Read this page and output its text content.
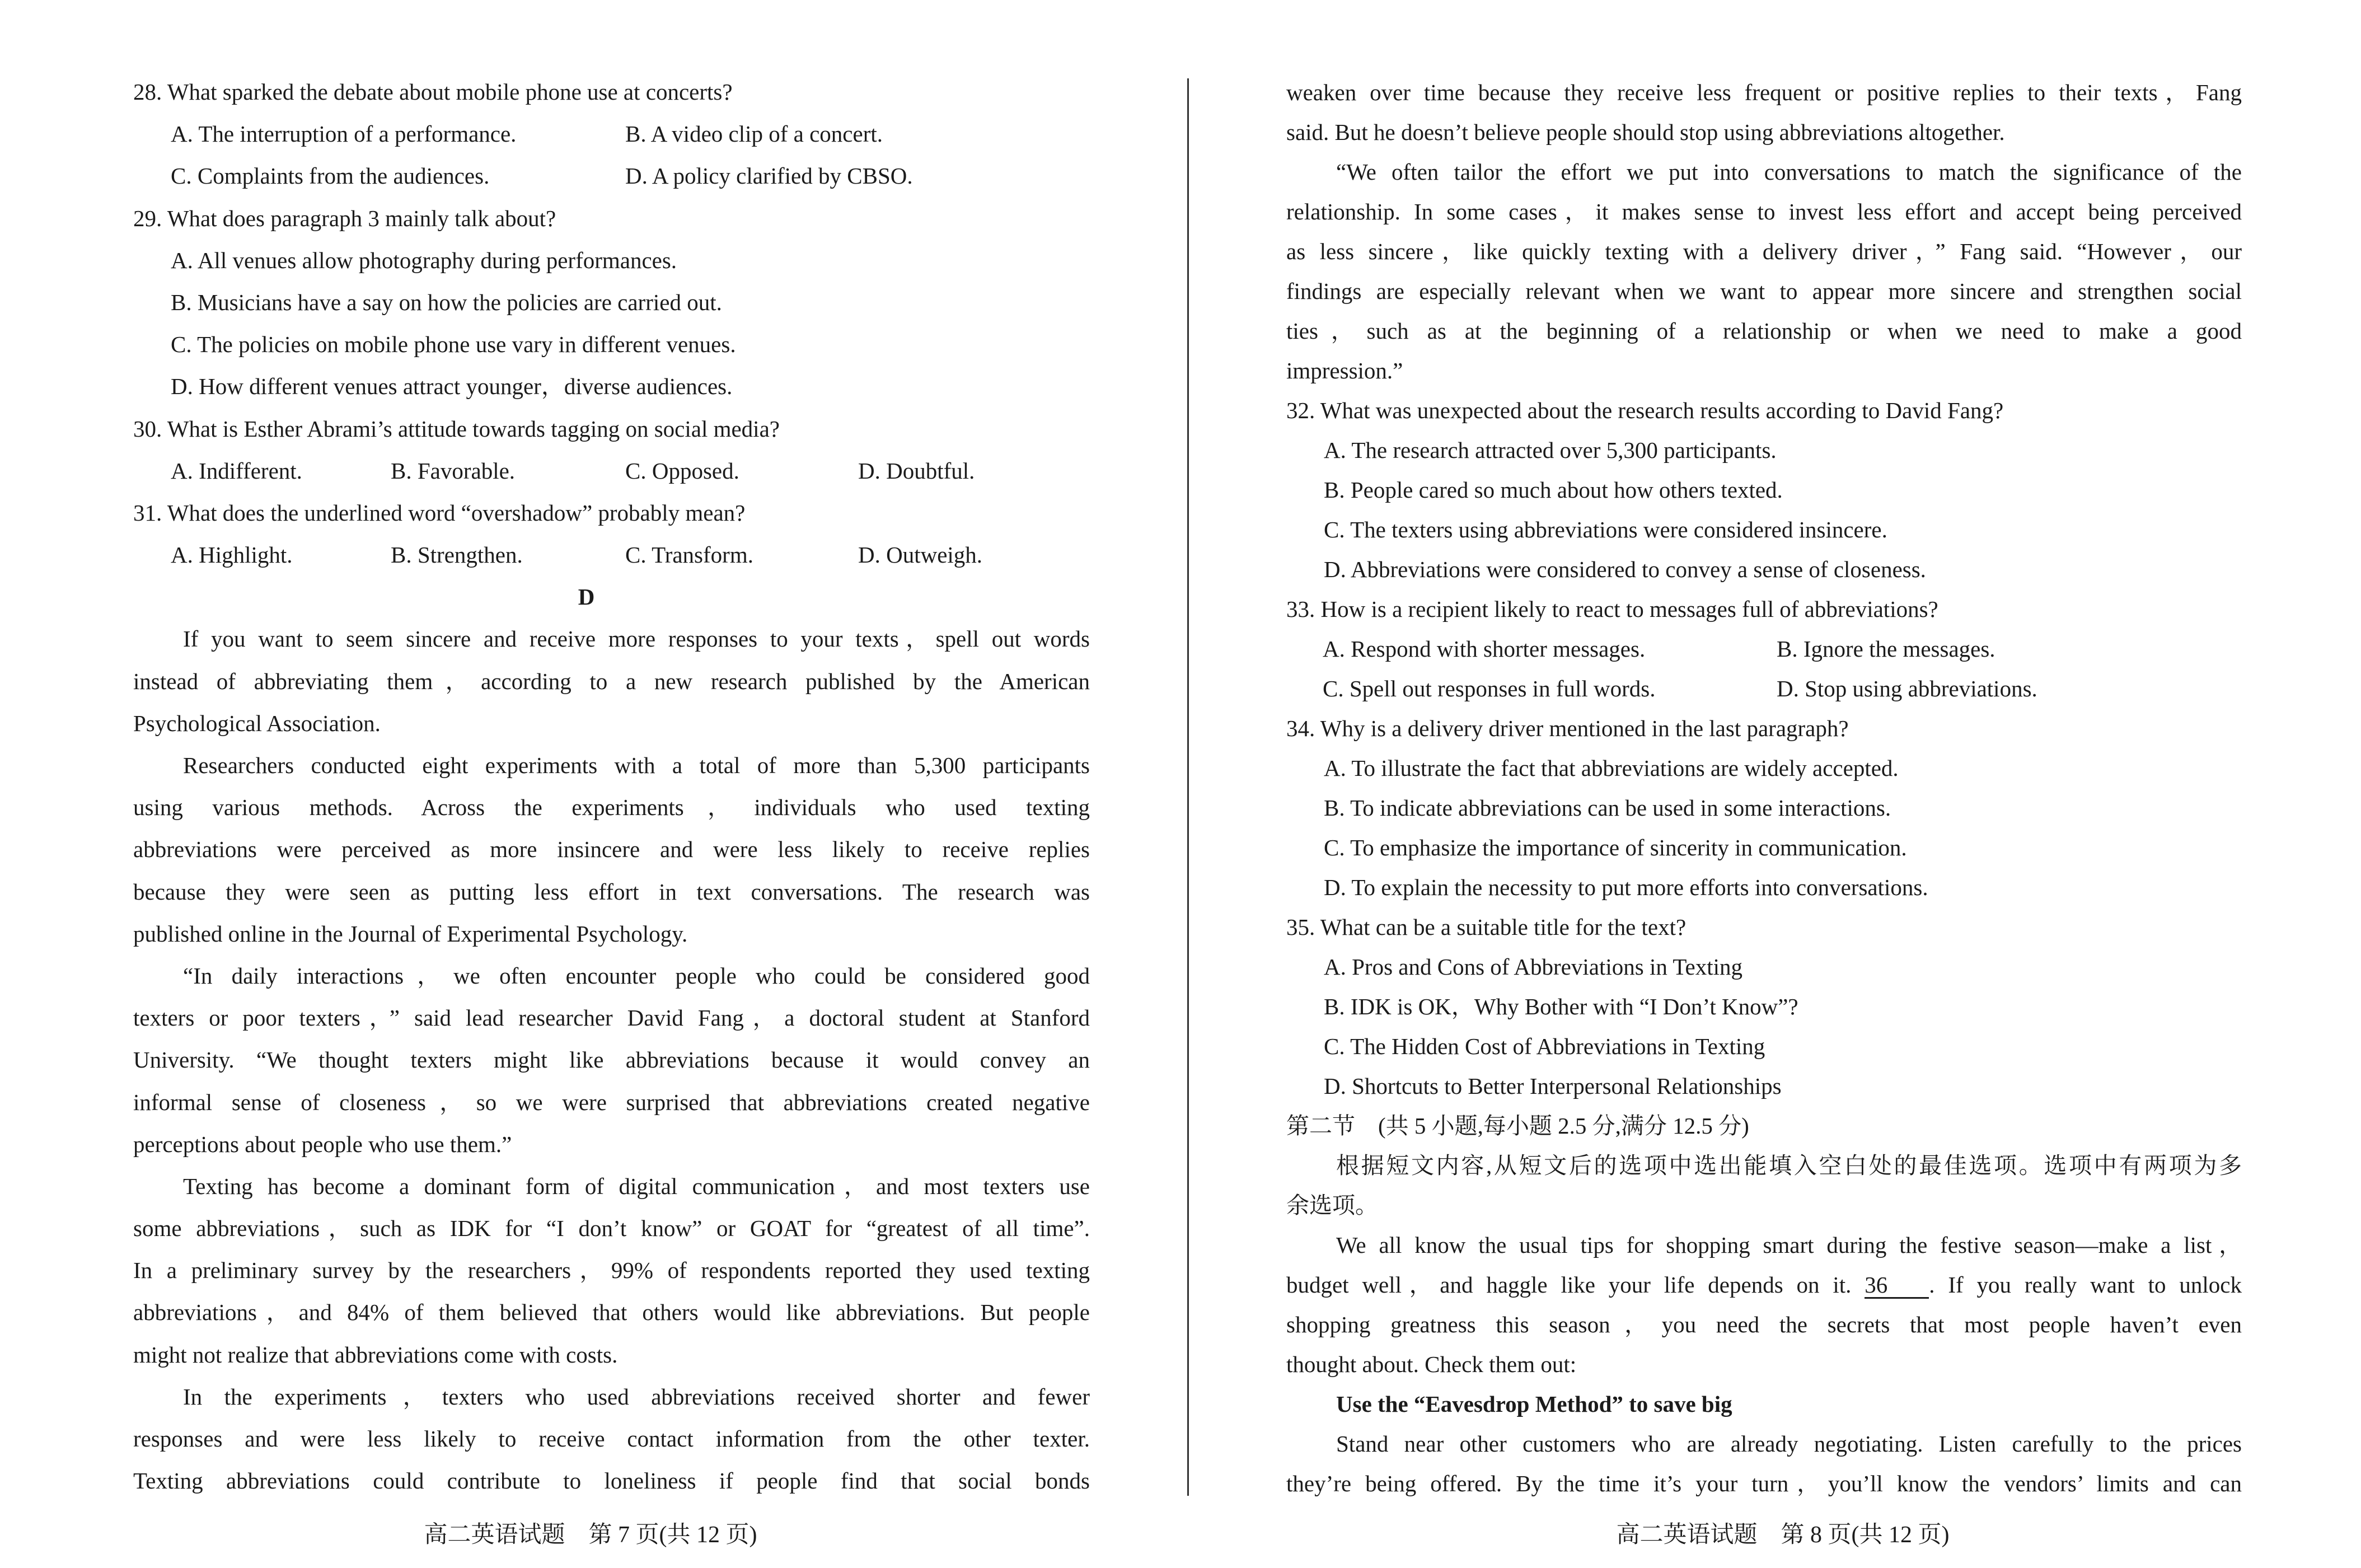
28. What sparked the debate about mobile phone use at concerts?
A. The interruption of a performance.	B. A video clip of a concert.
C. Complaints from the audiences.	D. A policy clarified by CBSO.
29. What does paragraph 3 mainly talk about?
A. All venues allow photography during performances.
B. Musicians have a say on how the policies are carried out.
C. The policies on mobile phone use vary in different venues.
D. How different venues attract younger，diverse audiences.
30. What is Esther Abrami’s attitude towards tagging on social media?
A. Indifferent.	B. Favorable.	C. Opposed.	D. Doubtful.
31. What does the underlined word “overshadow” probably mean?
A. Highlight.	B. Strengthen.	C. Transform.	D. Outweigh.
D
If you want to seem sincere and receive more responses to your texts，spell out words
instead of abbreviating them，according to a new research published by the American
Psychological Association.
Researchers conducted eight experiments with a total of more than 5,300 participants
using various methods. Across the experiments，individuals who used texting
abbreviations were perceived as more insincere and were less likely to receive replies
because they were seen as putting less effort in text conversations. The research was
published online in the Journal of Experimental Psychology.
“In daily interactions，we often encounter people who could be considered good
texters or poor texters，” said lead researcher David Fang，a doctoral student at Stanford
University. “We thought texters might like abbreviations because it would convey an
informal sense of closeness，so we were surprised that abbreviations created negative
perceptions about people who use them.”
Texting has become a dominant form of digital communication，and most texters use
some abbreviations，such as IDK for “I don’t know” or GOAT for “greatest of all time”.
In a preliminary survey by the researchers，99% of respondents reported they used texting
abbreviations，and 84% of them believed that others would like abbreviations. But people
might not realize that abbreviations come with costs.
In the experiments，texters who used abbreviations received shorter and fewer
responses and were less likely to receive contact information from the other texter.
Texting abbreviations could contribute to loneliness if people find that social bonds
weaken over time because they receive less frequent or positive replies to their texts，Fang
said. But he doesn’t believe people should stop using abbreviations altogether.
“We often tailor the effort we put into conversations to match the significance of the
relationship. In some cases，it makes sense to invest less effort and accept being perceived
as less sincere，like quickly texting with a delivery driver，” Fang said. “However，our
findings are especially relevant when we want to appear more sincere and strengthen social
ties，such as at the beginning of a relationship or when we need to make a good
impression.”
32. What was unexpected about the research results according to David Fang?
A. The research attracted over 5,300 participants.
B. People cared so much about how others texted.
C. The texters using abbreviations were considered insincere.
D. Abbreviations were considered to convey a sense of closeness.
33. How is a recipient likely to react to messages full of abbreviations?
A. Respond with shorter messages.	B. Ignore the messages.
C. Spell out responses in full words.	D. Stop using abbreviations.
34. Why is a delivery driver mentioned in the last paragraph?
A. To illustrate the fact that abbreviations are widely accepted.
B. To indicate abbreviations can be used in some interactions.
C. To emphasize the importance of sincerity in communication.
D. To explain the necessity to put more efforts into conversations.
35. What can be a suitable title for the text?
A. Pros and Cons of Abbreviations in Texting
B. IDK is OK，Why Bother with “I Don’t Know”?
C. The Hidden Cost of Abbreviations in Texting
D. Shortcuts to Better Interpersonal Relationships
第二节　(共 5 小题,每小题 2.5 分,满分 12.5 分)
根据短文内容,从短文后的选项中选出能填入空白处的最佳选项。选项中有两项为多
余选项。
We all know the usual tips for shopping smart during the festive season—make a list，
budget well，and haggle like your life depends on it. 36 . If you really want to unlock
shopping greatness this season，you need the secrets that most people haven’t even
thought about. Check them out:
Use the “Eavesdrop Method” to save big
Stand near other customers who are already negotiating. Listen carefully to the prices
they’re being offered. By the time it’s your turn，you’ll know the vendors’ limits and can
高二英语试题　第 7 页(共 12 页)	高二英语试题　第 8 页(共 12 页)
